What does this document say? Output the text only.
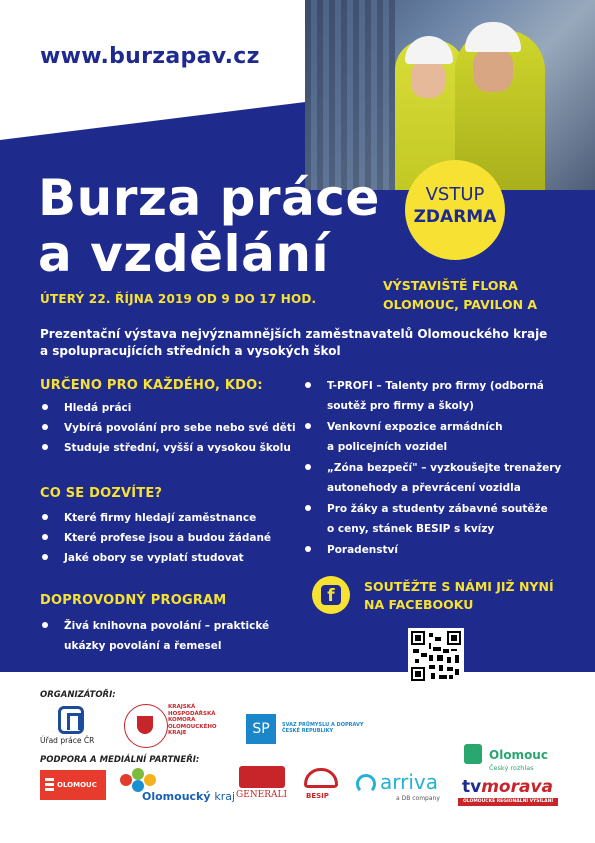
www.burzapav.cz
Burza práce
a vzdělání
VSTUP
ZDARMA
ÚTERÝ 22. ŘÍJNA 2019 OD 9 DO 17 HOD.
VÝSTAVIŠTĚ FLORA
OLOMOUC, PAVILON A
Prezentační výstava nejvýznamnějších zaměstnavatelů Olomouckého kraje
a spolupracujících středních a vysokých škol
URČENO PRO KAŽDÉHO, KDO:
Hledá práci
Vybírá povolání pro sebe nebo své děti
Studuje střední, vyšší a vysokou školu
CO SE DOZVÍTE?
Které firmy hledají zaměstnance
Které profese jsou a budou žádané
Jaké obory se vyplatí studovat
DOPROVODNÝ PROGRAM
Živá knihovna povolání – praktické
ukázky povolání a řemesel
T-PROFI – Talenty pro firmy (odborná
soutěž pro firmy a školy)
Venkovní expozice armádních
a policejních vozidel
„Zóna bezpečí" – vyzkoušejte trenažery
autonehody a převrácení vozidla
Pro žáky a studenty zábavné soutěže
o ceny, stánek BESIP s kvízy
Poradenství
f	SOUTĚŽTE S NÁMI JIŽ NYNÍ
NA FACEBOOKU
ORGANIZÁTOŘI:
Úřad práce ČR
KRAJSKÁ
HOSPODÁŘSKÁ
KOMORA
OLOMOUCKÉHO
KRAJE	SP	SVAZ PRŮMYSLU A DOPRAVY
ČESKÉ REPUBLIKY
PODPORA A MEDIÁLNÍ PARTNEŘI:
OLOMOUC
Olomoucký kraj GENERALI	BESIP
arriva
a DB company
Olomouc
Český rozhlas
tvmorava
OLOMOUCKÉ REGIONÁLNÍ VYSÍLÁNÍ
